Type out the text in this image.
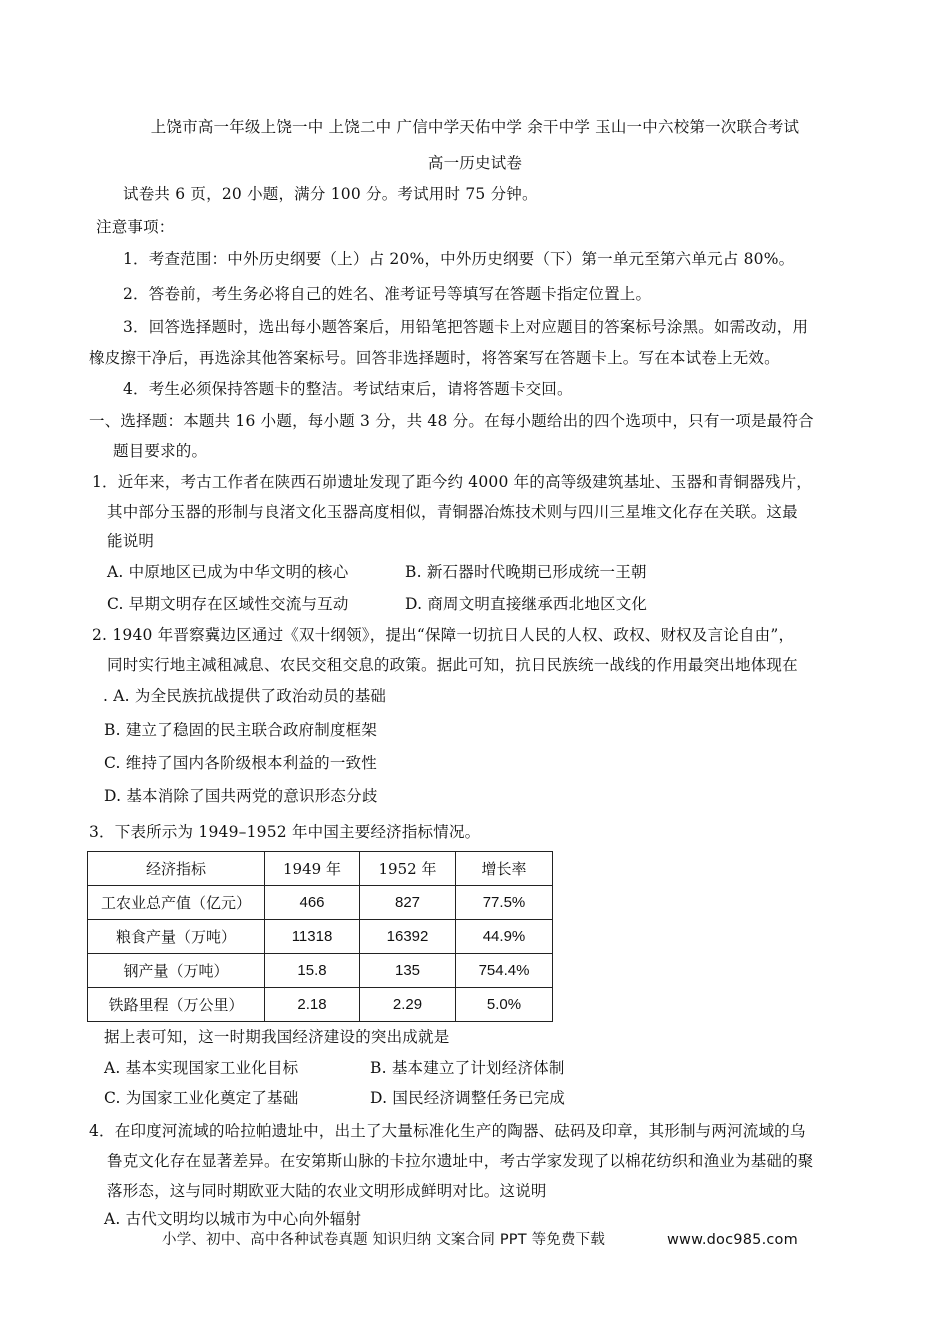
上饶市高一年级上饶一中 上饶二中 广信中学天佑中学 余干中学 玉山一中六校第一次联合考试
高一历史试卷
试卷共 6 页，20 小题，满分 100 分。考试用时 75 分钟。
注意事项：
1．考查范围：中外历史纲要（上）占 20%，中外历史纲要（下）第一单元至第六单元占 80%。
2．答卷前，考生务必将自己的姓名、准考证号等填写在答题卡指定位置上。
3．回答选择题时，选出每小题答案后，用铅笔把答题卡上对应题目的答案标号涂黑。如需改动，用
橡皮擦干净后，再选涂其他答案标号。回答非选择题时，将答案写在答题卡上。写在本试卷上无效。
4．考生必须保持答题卡的整洁。考试结束后，请将答题卡交回。
一、选择题：本题共 16 小题，每小题 3 分，共 48 分。在每小题给出的四个选项中，只有一项是最符合
题目要求的。
1．近年来，考古工作者在陕西石峁遗址发现了距今约 4000 年的高等级建筑基址、玉器和青铜器残片，
其中部分玉器的形制与良渚文化玉器高度相似，青铜器冶炼技术则与四川三星堆文化存在关联。这最
能说明
A. 中原地区已成为中华文明的核心	B. 新石器时代晚期已形成统一王朝
C. 早期文明存在区域性交流与互动	D. 商周文明直接继承西北地区文化
2. 1940 年晋察冀边区通过《双十纲领》，提出“保障一切抗日人民的人权、政权、财权及言论自由”，
同时实行地主减租减息、农民交租交息的政策。据此可知，抗日民族统一战线的作用最突出地体现在
. A. 为全民族抗战提供了政治动员的基础
B. 建立了稳固的民主联合政府制度框架
C. 维持了国内各阶级根本利益的一致性
D. 基本消除了国共两党的意识形态分歧
3．下表所示为 1949–1952 年中国主要经济指标情况。
经济指标	1949 年	1952 年	增长率
工农业总产值（亿元）	466	827	77.5%
粮食产量（万吨）	11318	16392	44.9%
钢产量（万吨）	15.8	135	754.4%
铁路里程（万公里）	2.18	2.29	5.0%
据上表可知，这一时期我国经济建设的突出成就是
A. 基本实现国家工业化目标	B. 基本建立了计划经济体制
C. 为国家工业化奠定了基础	D. 国民经济调整任务已完成
4．在印度河流域的哈拉帕遗址中，出土了大量标准化生产的陶器、砝码及印章，其形制与两河流域的乌
鲁克文化存在显著差异。在安第斯山脉的卡拉尔遗址中，考古学家发现了以棉花纺织和渔业为基础的聚
落形态，这与同时期欧亚大陆的农业文明形成鲜明对比。这说明
A. 古代文明均以城市为中心向外辐射
小学、初中、高中各种试卷真题 知识归纳 文案合同 PPT 等免费下载	www.doc985.com
